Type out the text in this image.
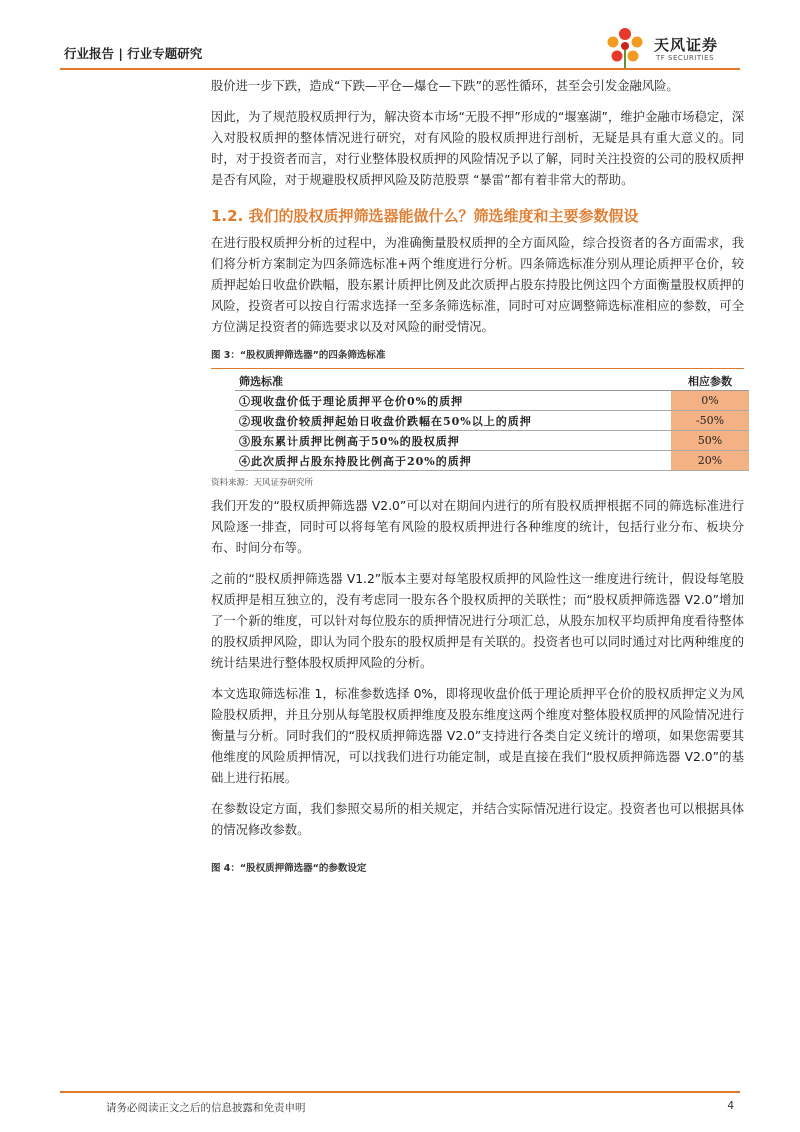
行业报告 | 行业专题研究	天风证券
TF SECURITIES

股价进一步下跌，造成“下跌—平仓—爆仓—下跌”的恶性循环，甚至会引发金融风险。

因此，为了规范股权质押行为，解决资本市场“无股不押”形成的“堰塞湖”，维护金融市场稳定，深入对股权质押的整体情况进行研究，对有风险的股权质押进行剖析，无疑是具有重大意义的。同时，对于投资者而言，对行业整体股权质押的风险情况予以了解，同时关注投资的公司的股权质押是否有风险，对于规避股权质押风险及防范股票 “暴雷”都有着非常大的帮助。

1.2. 我们的股权质押筛选器能做什么？筛选维度和主要参数假设

在进行股权质押分析的过程中，为准确衡量股权质押的全方面风险，综合投资者的各方面需求，我们将分析方案制定为四条筛选标准+两个维度进行分析。四条筛选标准分别从理论质押平仓价，较质押起始日收盘价跌幅，股东累计质押比例及此次质押占股东持股比例这四个方面衡量股权质押的风险，投资者可以按自行需求选择一至多条筛选标准，同时可对应调整筛选标准相应的参数，可全方位满足投资者的筛选要求以及对风险的耐受情况。

图 3：“股权质押筛选器”的四条筛选标准
筛选标准	相应参数
①现收盘价低于理论质押平仓价0%的质押	0%
②现收盘价较质押起始日收盘价跌幅在50%以上的质押	-50%
③股东累计质押比例高于50%的股权质押	50%
④此次质押占股东持股比例高于20%的质押	20%
资料来源：天风证券研究所

我们开发的“股权质押筛选器 V2.0”可以对在期间内进行的所有股权质押根据不同的筛选标准进行风险逐一排查，同时可以将每笔有风险的股权质押进行各种维度的统计，包括行业分布、板块分布、时间分布等。

之前的“股权质押筛选器 V1.2”版本主要对每笔股权质押的风险性这一维度进行统计，假设每笔股权质押是相互独立的，没有考虑同一股东各个股权质押的关联性；而“股权质押筛选器 V2.0”增加了一个新的维度，可以针对每位股东的质押情况进行分项汇总，从股东加权平均质押角度看待整体的股权质押风险，即认为同个股东的股权质押是有关联的。投资者也可以同时通过对比两种维度的统计结果进行整体股权质押风险的分析。

本文选取筛选标准 1，标准参数选择 0%，即将现收盘价低于理论质押平仓价的股权质押定义为风险股权质押，并且分别从每笔股权质押维度及股东维度这两个维度对整体股权质押的风险情况进行衡量与分析。同时我们的“股权质押筛选器 V2.0”支持进行各类自定义统计的增项，如果您需要其他维度的风险质押情况，可以找我们进行功能定制，或是直接在我们“股权质押筛选器 V2.0”的基础上进行拓展。

在参数设定方面，我们参照交易所的相关规定，并结合实际情况进行设定。投资者也可以根据具体的情况修改参数。

图 4：“股权质押筛选器“的参数设定
请务必阅读正文之后的信息披露和免责申明	4
